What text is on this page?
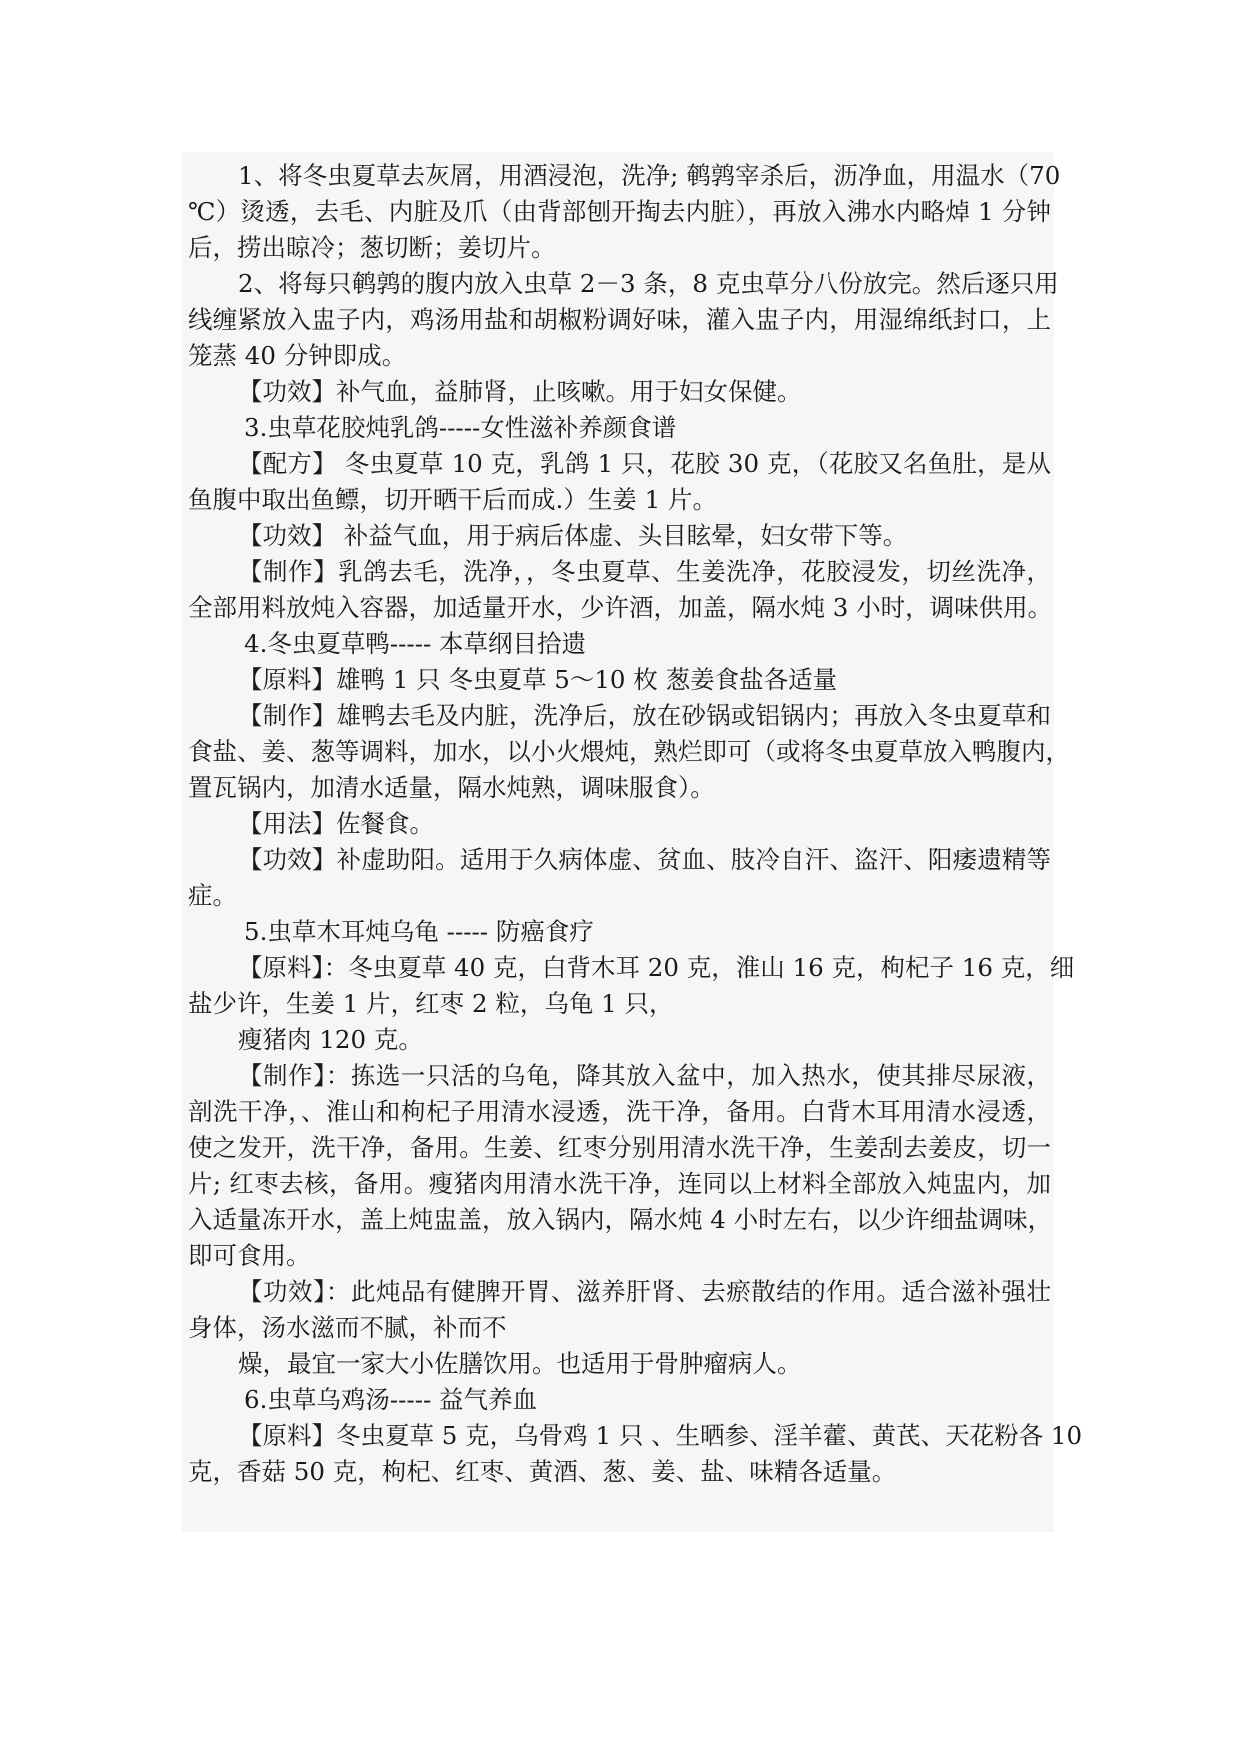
1、将冬虫夏草去灰屑，用酒浸泡，洗净; 鹌鹑宰杀后，沥净血，用温水（70
℃）烫透，去毛、内脏及爪（由背部刨开掏去内脏），再放入沸水内略焯 1 分钟
后，捞出晾冷；葱切断；姜切片。
2、将每只鹌鹑的腹内放入虫草 2－3 条，8 克虫草分八份放完。然后逐只用
线缠紧放入盅子内，鸡汤用盐和胡椒粉调好味，灌入盅子内，用湿绵纸封口，上
笼蒸 40 分钟即成。
【功效】补气血，益肺肾，止咳嗽。用于妇女保健。
3.虫草花胶炖乳鸽-----女性滋补养颜食谱
【配方】 冬虫夏草 10 克，乳鸽 1 只，花胶 30 克，（花胶又名鱼肚，是从
鱼腹中取出鱼鳔，切开晒干后而成.）生姜 1 片。
【功效】 补益气血，用于病后体虚、头目眩晕，妇女带下等。
【制作】乳鸽去毛，洗净，，冬虫夏草、生姜洗净，花胶浸发，切丝洗净，
全部用料放炖入容器，加适量开水，少许酒，加盖，隔水炖 3 小时，调味供用。
4.冬虫夏草鸭----- 本草纲目拾遗
【原料】雄鸭 1 只 冬虫夏草 5～10 枚 葱姜食盐各适量
【制作】雄鸭去毛及内脏，洗净后，放在砂锅或铝锅内；再放入冬虫夏草和
食盐、姜、葱等调料，加水，以小火煨炖，熟烂即可（或将冬虫夏草放入鸭腹内，
置瓦锅内，加清水适量，隔水炖熟，调味服食）。
【用法】佐餐食。
【功效】补虚助阳。适用于久病体虚、贫血、肢冷自汗、盗汗、阳痿遗精等
症。
5.虫草木耳炖乌龟 ----- 防癌食疗
【原料】：冬虫夏草 40 克，白背木耳 20 克，淮山 16 克，枸杞子 16 克，细
盐少许，生姜 1 片，红枣 2 粒，乌龟 1 只，
瘦猪肉 120 克。
【制作】：拣选一只活的乌龟，降其放入盆中，加入热水，使其排尽尿液，
剖洗干净，、淮山和枸杞子用清水浸透，洗干净，备用。白背木耳用清水浸透，
使之发开，洗干净，备用。生姜、红枣分别用清水洗干净，生姜刮去姜皮，切一
片; 红枣去核，备用。瘦猪肉用清水洗干净，连同以上材料全部放入炖盅内，加
入适量冻开水，盖上炖盅盖，放入锅内，隔水炖 4 小时左右，以少许细盐调味，
即可食用。
【功效】：此炖品有健脾开胃、滋养肝肾、去瘀散结的作用。适合滋补强壮
身体，汤水滋而不腻，补而不
燥，最宜一家大小佐膳饮用。也适用于骨肿瘤病人。
6.虫草乌鸡汤----- 益气养血
【原料】冬虫夏草 5 克，乌骨鸡 1 只 、生晒参、淫羊藿、黄芪、天花粉各 10
克，香菇 50 克，枸杞、红枣、黄酒、葱、姜、盐、味精各适量。
